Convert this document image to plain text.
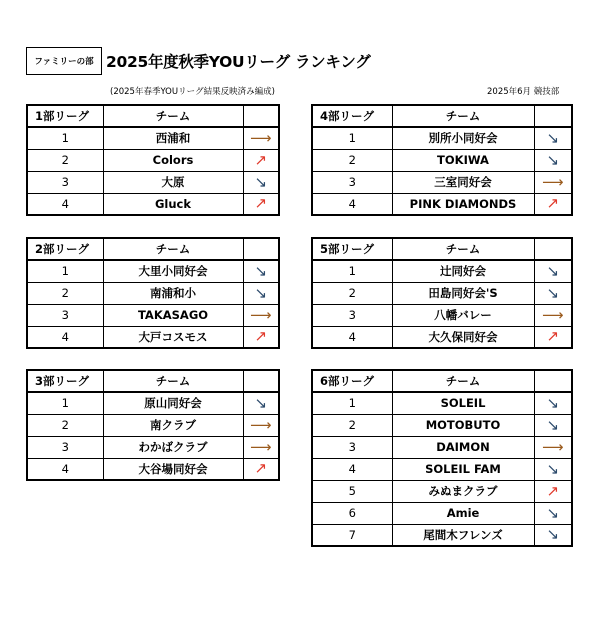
ファミリーの部 2025年度秋季YOUリーグ ランキング
(2025年春季YOUリーグ結果反映済み編成)	2025年6月 競技部
1部リーグ	チーム	
1	西浦和	⟶
2	Colors	↗
3	大原	↘
4	Gluck	↗
4部リーグ	チーム	
1	別所小同好会	↘
2	TOKIWA	↘
3	三室同好会	⟶
4	PINK DIAMONDS	↗
2部リーグ	チーム	
1	大里小同好会	↘
2	南浦和小	↘
3	TAKASAGO	⟶
4	大戸コスモス	↗
5部リーグ	チーム	
1	辻同好会	↘
2	田島同好会'S	↘
3	八幡バレー	⟶
4	大久保同好会	↗
3部リーグ	チーム	
1	原山同好会	↘
2	南クラブ	⟶
3	わかばクラブ	⟶
4	大谷場同好会	↗
6部リーグ	チーム	
1	SOLEIL	↘
2	MOTOBUTO	↘
3	DAIMON	⟶
4	SOLEIL FAM	↘
5	みぬまクラブ	↗
6	Amie	↘
7	尾間木フレンズ	↘
